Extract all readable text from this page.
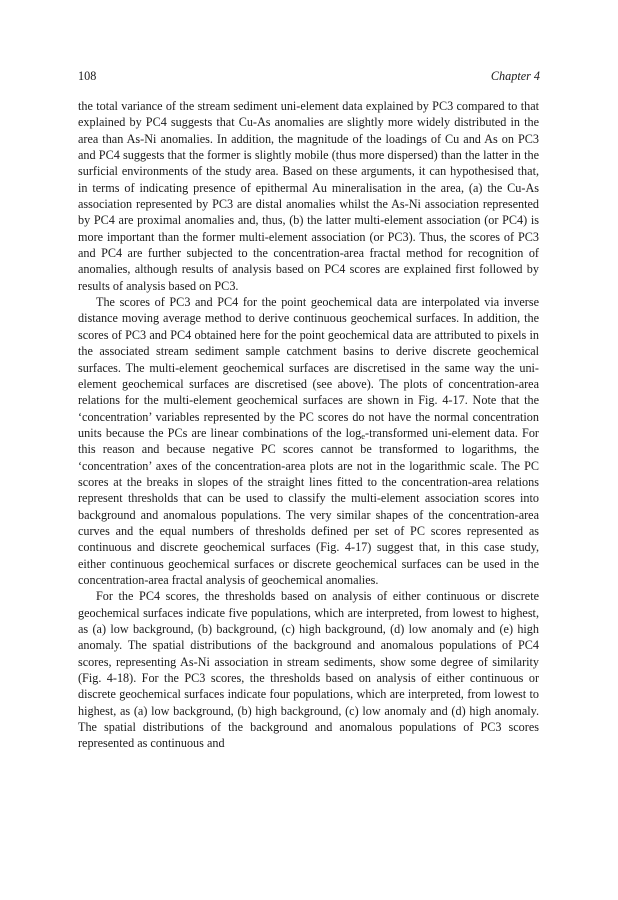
108	Chapter 4

the total variance of the stream sediment uni-element data explained by PC3 compared to that explained by PC4 suggests that Cu-As anomalies are slightly more widely distributed in the area than As-Ni anomalies. In addition, the magnitude of the loadings of Cu and As on PC3 and PC4 suggests that the former is slightly mobile (thus more dispersed) than the latter in the surficial environments of the study area. Based on these arguments, it can hypothesised that, in terms of indicating presence of epithermal Au mineralisation in the area, (a) the Cu-As association represented by PC3 are distal anomalies whilst the As-Ni association represented by PC4 are proximal anomalies and, thus, (b) the latter multi-element association (or PC4) is more important than the former multi-element association (or PC3). Thus, the scores of PC3 and PC4 are further subjected to the concentration-area fractal method for recognition of anomalies, although results of analysis based on PC4 scores are explained first followed by results of analysis based on PC3.

The scores of PC3 and PC4 for the point geochemical data are interpolated via inverse distance moving average method to derive continuous geochemical surfaces. In addition, the scores of PC3 and PC4 obtained here for the point geochemical data are attributed to pixels in the associated stream sediment sample catchment basins to derive discrete geochemical surfaces. The multi-element geochemical surfaces are discretised in the same way the uni-element geochemical surfaces are discretised (see above). The plots of concentration-area relations for the multi-element geochemical surfaces are shown in Fig. 4-17. Note that the ‘concentration’ variables represented by the PC scores do not have the normal concentration units because the PCs are linear combinations of the $\log_e$-transformed uni-element data. For this reason and because negative PC scores cannot be transformed to logarithms, the ‘concentration’ axes of the concentration-area plots are not in the logarithmic scale. The PC scores at the breaks in slopes of the straight lines fitted to the concentration-area relations represent thresholds that can be used to classify the multi-element association scores into background and anomalous populations. The very similar shapes of the concentration-area curves and the equal numbers of thresholds defined per set of PC scores represented as continuous and discrete geochemical surfaces (Fig. 4-17) suggest that, in this case study, either continuous geochemical surfaces or discrete geochemical surfaces can be used in the concentration-area fractal analysis of geochemical anomalies.

For the PC4 scores, the thresholds based on analysis of either continuous or discrete geochemical surfaces indicate five populations, which are interpreted, from lowest to highest, as (a) low background, (b) background, (c) high background, (d) low anomaly and (e) high anomaly. The spatial distributions of the background and anomalous populations of PC4 scores, representing As-Ni association in stream sediments, show some degree of similarity (Fig. 4-18). For the PC3 scores, the thresholds based on analysis of either continuous or discrete geochemical surfaces indicate four populations, which are interpreted, from lowest to highest, as (a) low background, (b) high background, (c) low anomaly and (d) high anomaly. The spatial distributions of the background and anomalous populations of PC3 scores represented as continuous and
